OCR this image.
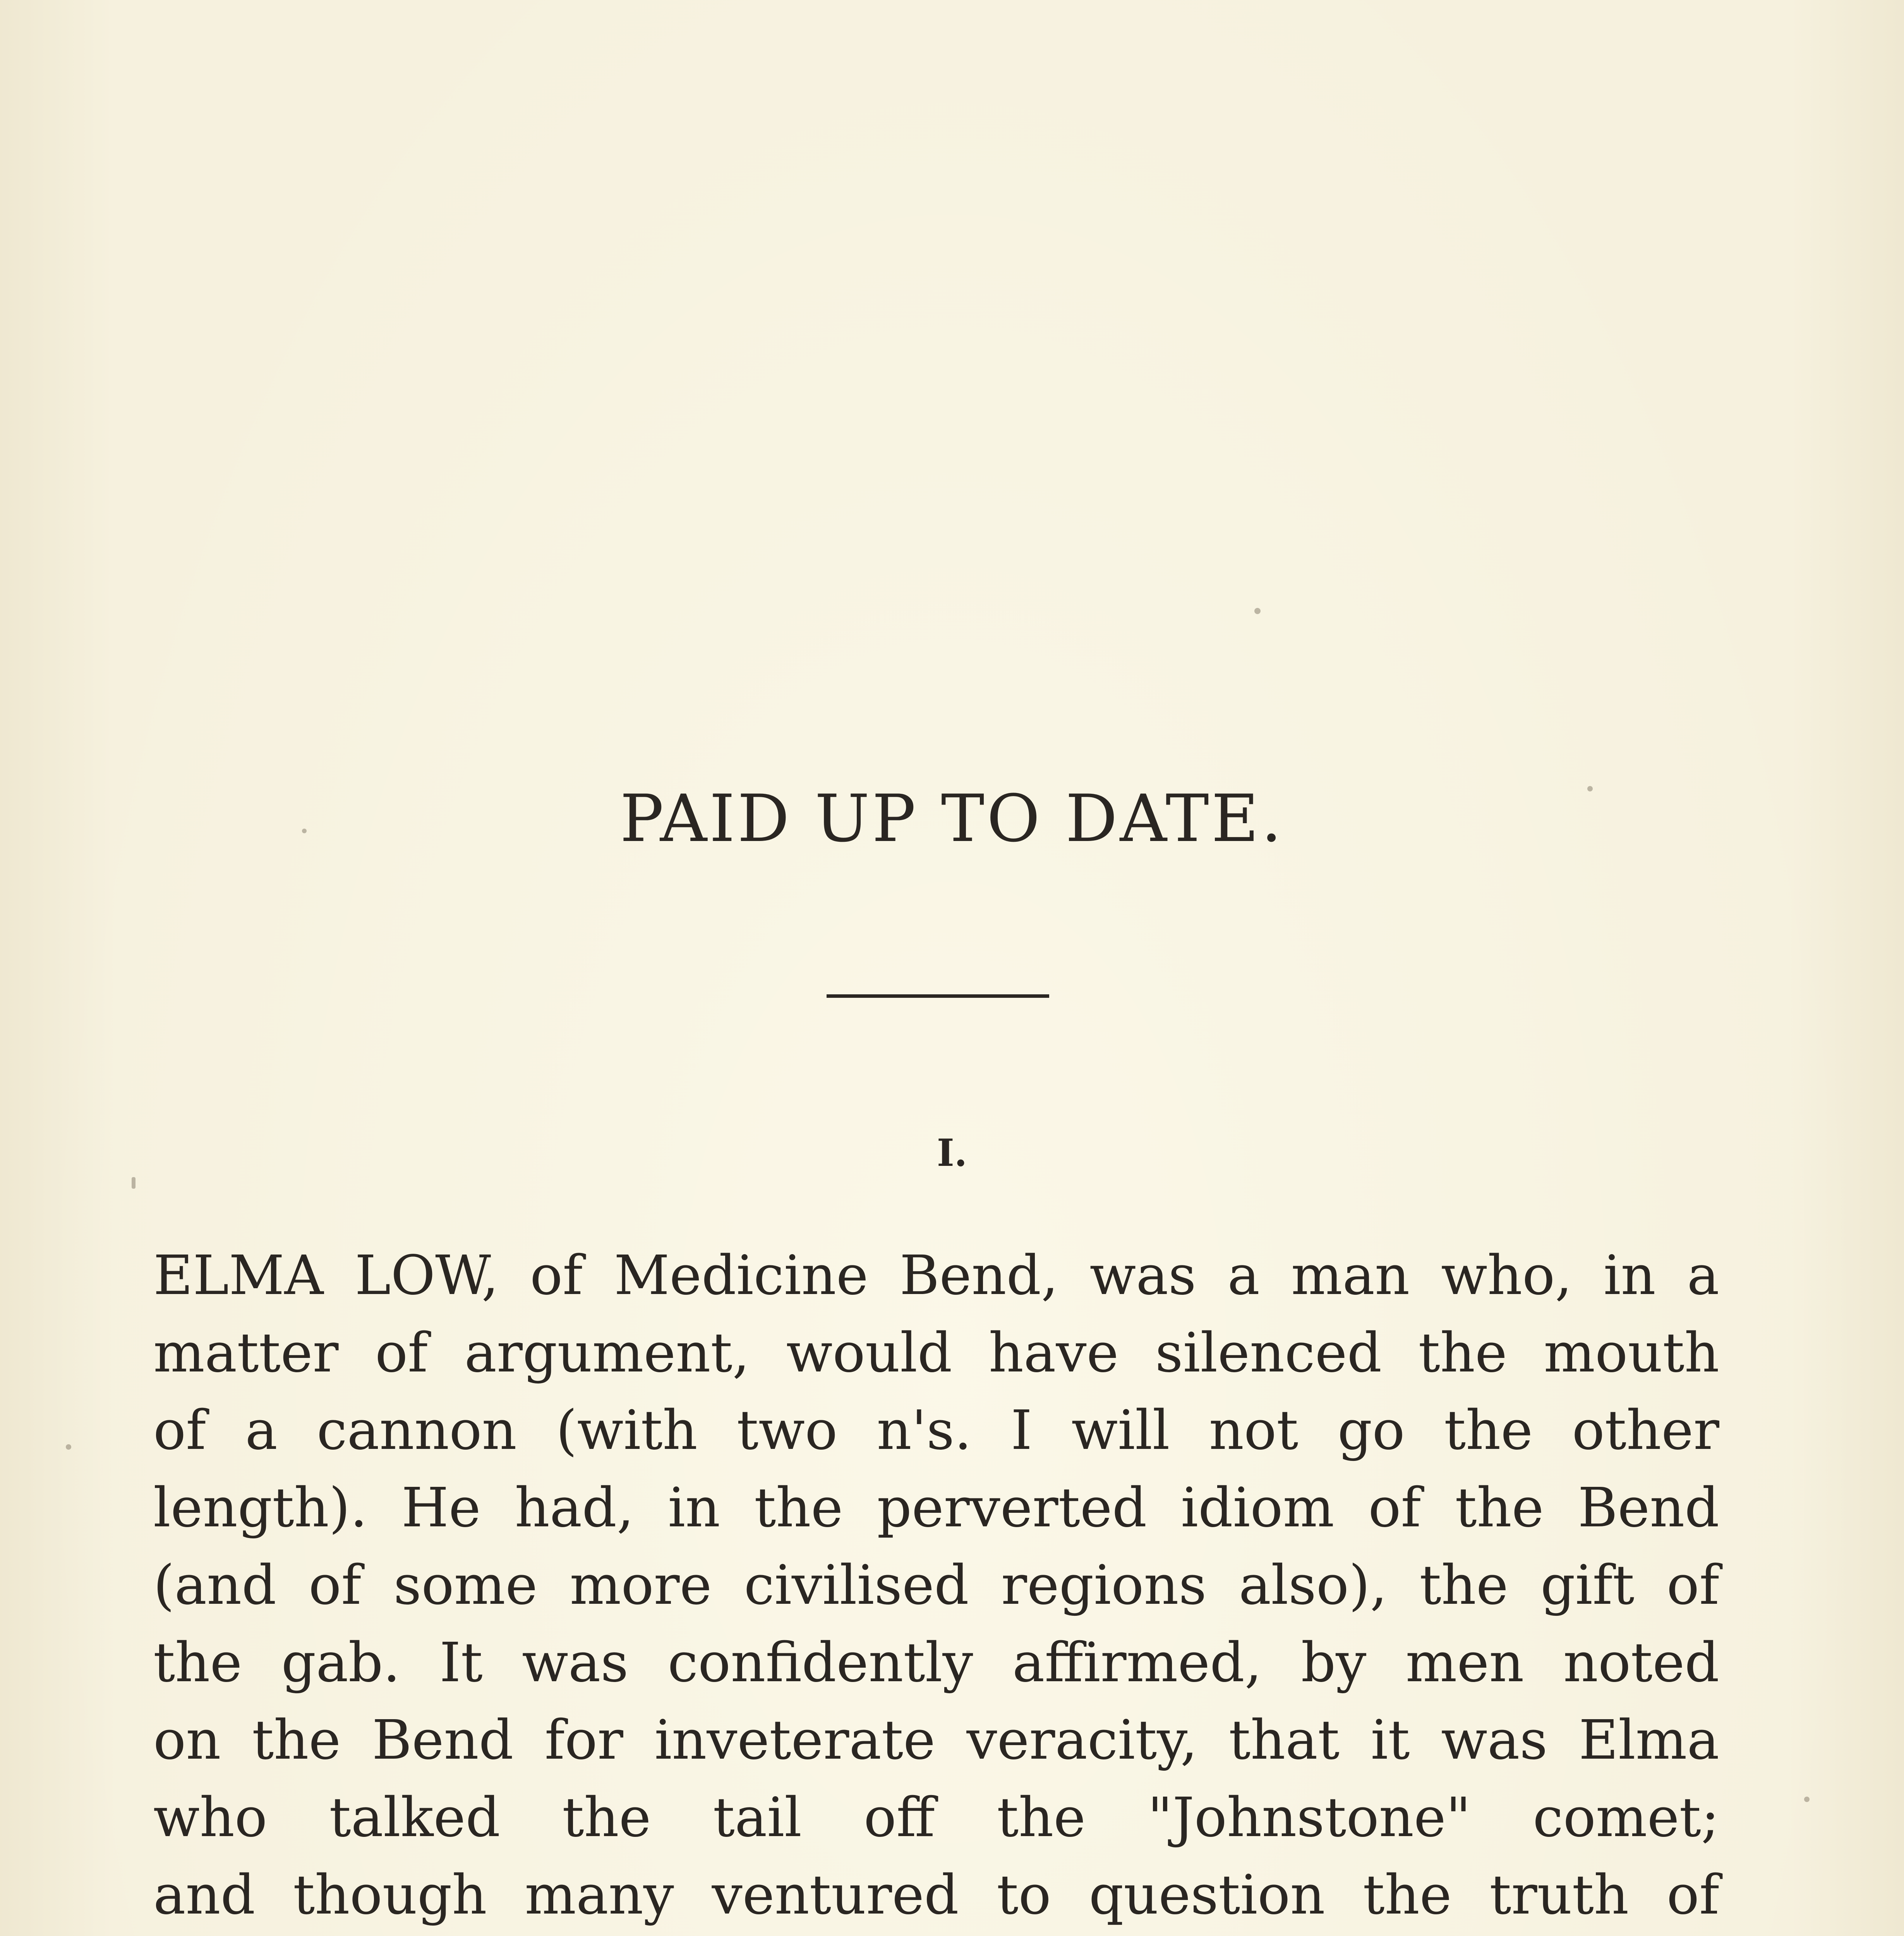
PAID UP TO DATE.
I.
ELMA LOW, of Medicine Bend, was a man who, in a
matter of argument, would have silenced the mouth
of a cannon (with two n's. I will not go the other
length). He had, in the perverted idiom of the Bend
(and of some more civilised regions also), the gift of
the gab. It was confidently affirmed, by men noted
on the Bend for inveterate veracity, that it was Elma
who talked the tail off the "Johnstone" comet;
and though many ventured to question the truth of
